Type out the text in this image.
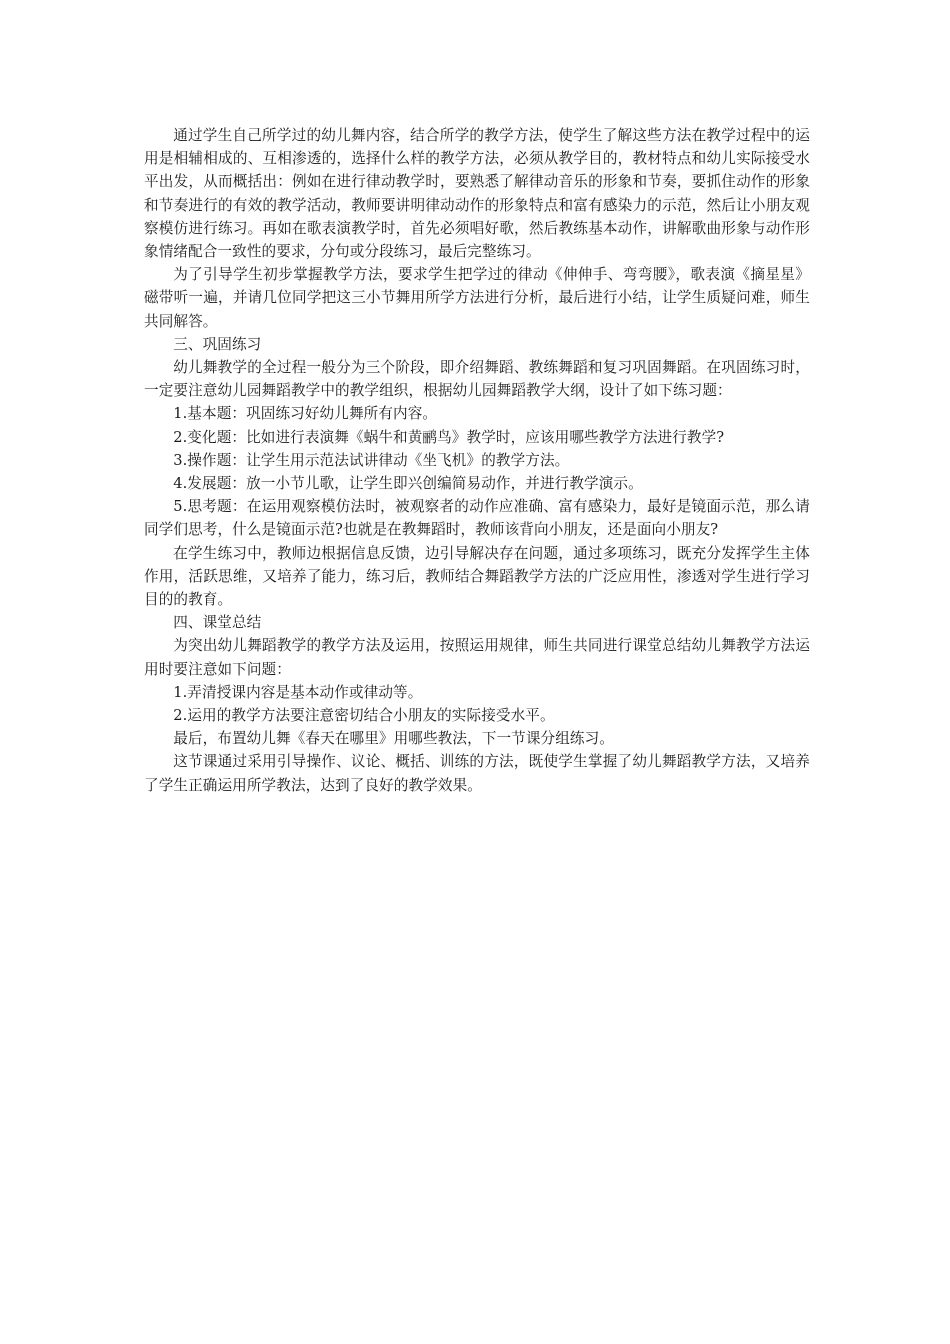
通过学生自己所学过的幼儿舞内容，结合所学的教学方法，使学生了解这些方法在教学过程中的运用是相辅相成的、互相渗透的，选择什么样的教学方法，必须从教学目的，教材特点和幼儿实际接受水平出发，从而概括出：例如在进行律动教学时，要熟悉了解律动音乐的形象和节奏，要抓住动作的形象和节奏进行的有效的教学活动，教师要讲明律动动作的形象特点和富有感染力的示范，然后让小朋友观察模仿进行练习。再如在歌表演教学时，首先必须唱好歌，然后教练基本动作，讲解歌曲形象与动作形象情绪配合一致性的要求，分句或分段练习，最后完整练习。

为了引导学生初步掌握教学方法，要求学生把学过的律动《伸伸手、弯弯腰》，歌表演《摘星星》磁带听一遍，并请几位同学把这三小节舞用所学方法进行分析，最后进行小结，让学生质疑问难，师生共同解答。

三、巩固练习

幼儿舞教学的全过程一般分为三个阶段，即介绍舞蹈、教练舞蹈和复习巩固舞蹈。在巩固练习时，一定要注意幼儿园舞蹈教学中的教学组织，根据幼儿园舞蹈教学大纲，设计了如下练习题：

1.基本题：巩固练习好幼儿舞所有内容。

2.变化题：比如进行表演舞《蜗牛和黄鹂鸟》教学时，应该用哪些教学方法进行教学?

3.操作题：让学生用示范法试讲律动《坐飞机》的教学方法。

4.发展题：放一小节儿歌，让学生即兴创编简易动作，并进行教学演示。

5.思考题：在运用观察模仿法时，被观察者的动作应准确、富有感染力，最好是镜面示范，那么请同学们思考，什么是镜面示范?也就是在教舞蹈时，教师该背向小朋友，还是面向小朋友?

在学生练习中，教师边根据信息反馈，边引导解决存在问题，通过多项练习，既充分发挥学生主体作用，活跃思维，又培养了能力，练习后，教师结合舞蹈教学方法的广泛应用性，渗透对学生进行学习目的的教育。

四、课堂总结

为突出幼儿舞蹈教学的教学方法及运用，按照运用规律，师生共同进行课堂总结幼儿舞教学方法运用时要注意如下问题：

1.弄清授课内容是基本动作或律动等。

2.运用的教学方法要注意密切结合小朋友的实际接受水平。

最后，布置幼儿舞《春天在哪里》用哪些教法，下一节课分组练习。

这节课通过采用引导操作、议论、概括、训练的方法，既使学生掌握了幼儿舞蹈教学方法，又培养了学生正确运用所学教法，达到了良好的教学效果。
